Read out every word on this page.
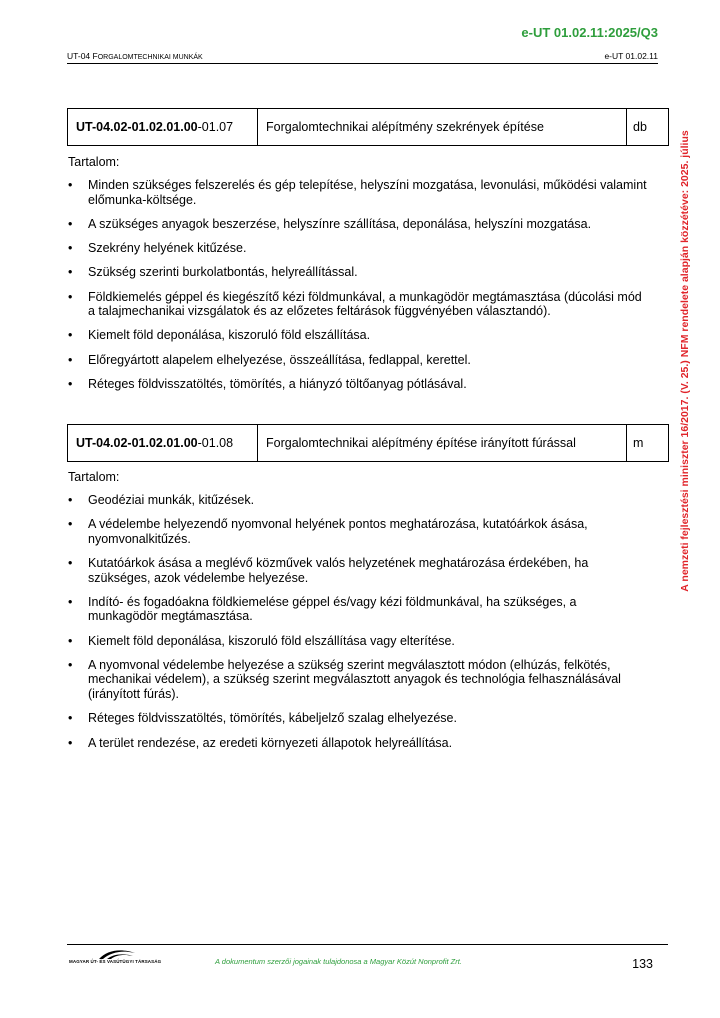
e-UT 01.02.11:2025/Q3
UT-04 FORGALOMTECHNIKAI MUNKÁK	e-UT 01.02.11
A nemzeti fejlesztési miniszter 16/2017. (V. 25.) NFM rendelete alapján közzétéve: 2025. július
UT-04.02-01.02.01.00 -01.07	Forgalomtechnikai alépítmény szekrények építése	db
Tartalom:
• Minden szükséges felszerelés és gép telepítése, helyszíni mozgatása, levonulási, működési valamint előmunka-költsége.
• A szükséges anyagok beszerzése, helyszínre szállítása, deponálása, helyszíni mozgatása.
• Szekrény helyének kitűzése.
• Szükség szerinti burkolatbontás, helyreállítással.
• Földkiemelés géppel és kiegészítő kézi földmunkával, a munkagödör megtámasztása (dúcolási mód a talajmechanikai vizsgálatok és az előzetes feltárások függvényében választandó).
• Kiemelt föld deponálása, kiszoruló föld elszállítása.
• Előregyártott alapelem elhelyezése, összeállítása, fedlappal, kerettel.
• Réteges földvisszatöltés, tömörítés, a hiányzó töltőanyag pótlásával.
UT-04.02-01.02.01.00 -01.08	Forgalomtechnikai alépítmény építése irányított fúrással	m
Tartalom:
• Geodéziai munkák, kitűzések.
• A védelembe helyezendő nyomvonal helyének pontos meghatározása, kutatóárkok ásása, nyomvonalkitűzés.
• Kutatóárkok ásása a meglévő közművek valós helyzetének meghatározása érdekében, ha szükséges, azok védelembe helyezése.
• Indító- és fogadóakna földkiemelése géppel és/vagy kézi földmunkával, ha szükséges, a munkagödör megtámasztása.
• Kiemelt föld deponálása, kiszoruló föld elszállítása vagy elterítése.
• A nyomvonal védelembe helyezése a szükség szerint megválasztott módon (elhúzás, felkötés, mechanikai védelem), a szükség szerint megválasztott anyagok és technológia felhasználásával (irányított fúrás).
• Réteges földvisszatöltés, tömörítés, kábeljelző szalag elhelyezése.
• A terület rendezése, az eredeti környezeti állapotok helyreállítása.
MAGYAR ÚT- ÉS VASÚTÜGYI TÁRSASÁG	A dokumentum szerzői jogainak tulajdonosa a Magyar Közút Nonprofit Zrt.	133
